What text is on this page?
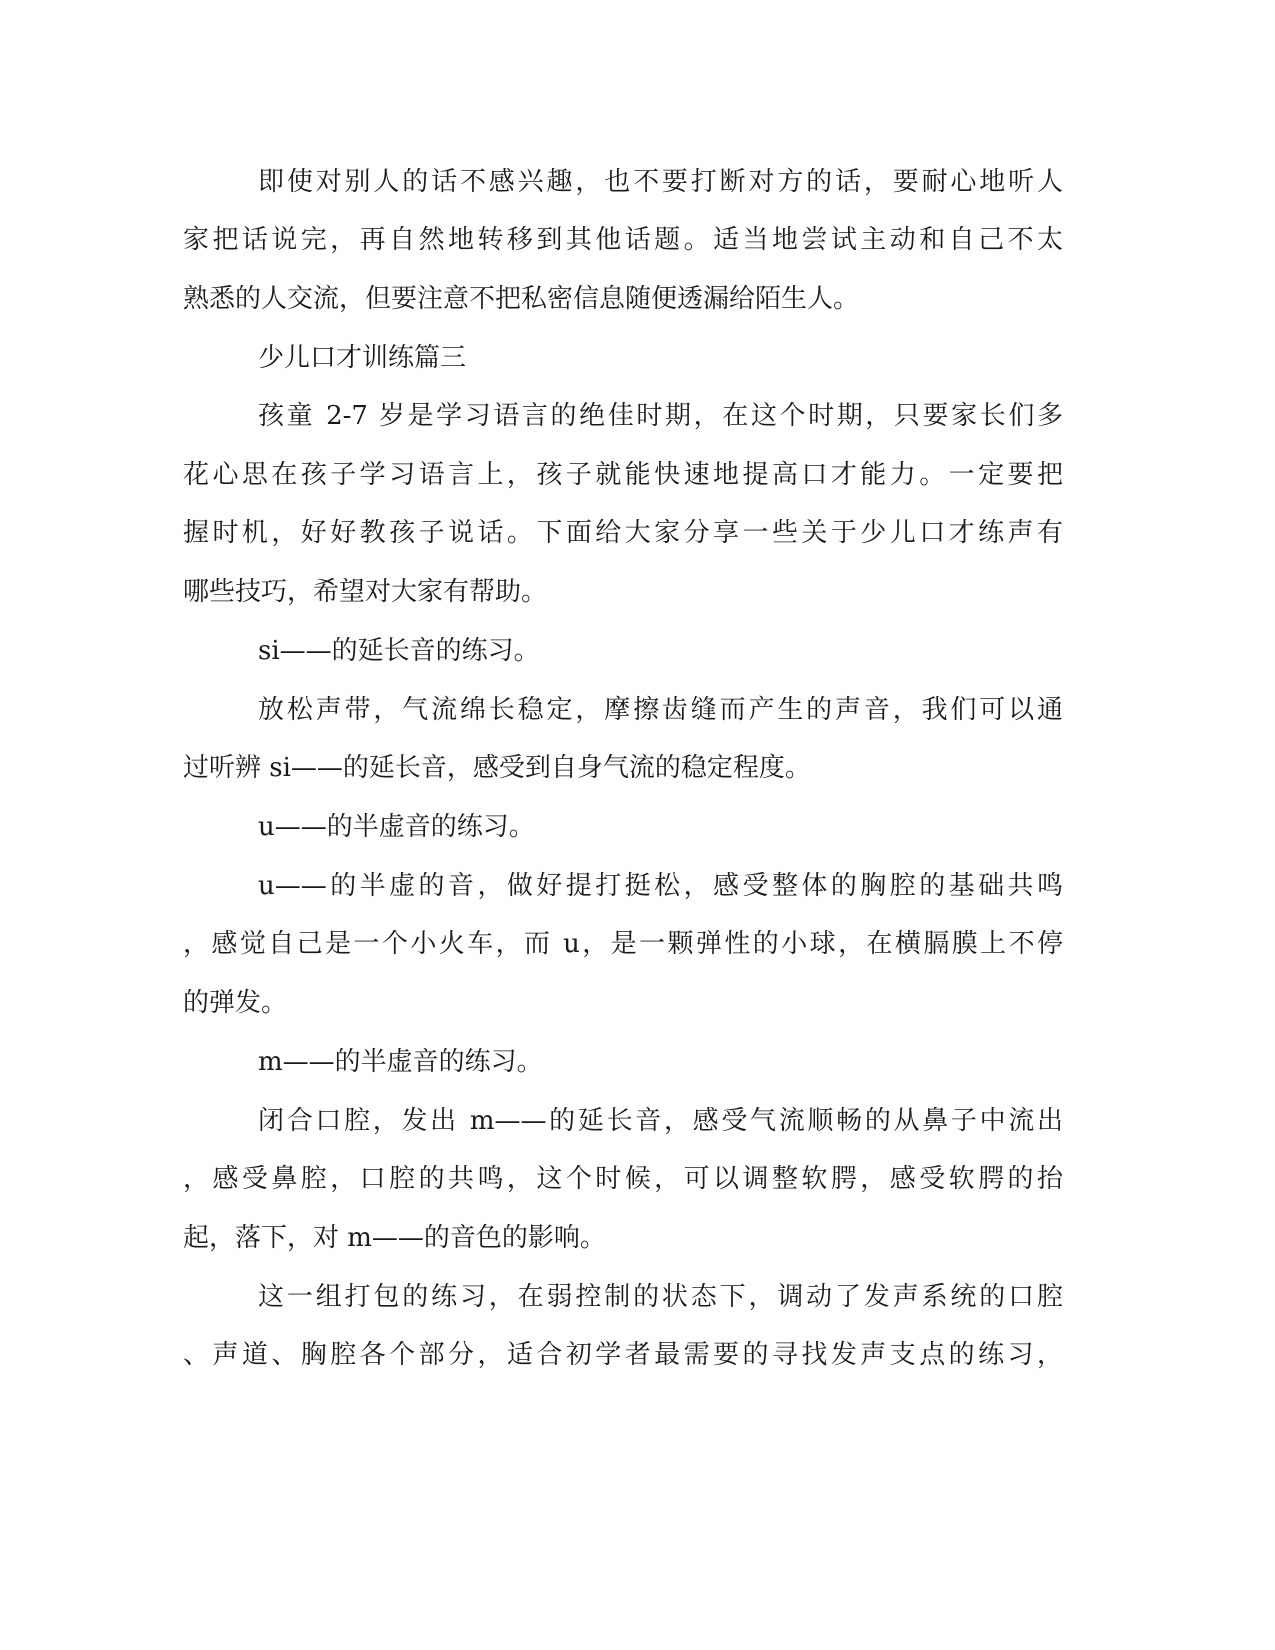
即使对别人的话不感兴趣，也不要打断对方的话，要耐心地听人
家把话说完，再自然地转移到其他话题。适当地尝试主动和自己不太
熟悉的人交流，但要注意不把私密信息随便透漏给陌生人。
少儿口才训练篇三
孩童 2-7 岁是学习语言的绝佳时期，在这个时期，只要家长们多
花心思在孩子学习语言上，孩子就能快速地提高口才能力。一定要把
握时机，好好教孩子说话。下面给大家分享一些关于少儿口才练声有
哪些技巧，希望对大家有帮助。
si——的延长音的练习。
放松声带，气流绵长稳定，摩擦齿缝而产生的声音，我们可以通
过听辨 si——的延长音，感受到自身气流的稳定程度。
u——的半虚音的练习。
u——的半虚的音，做好提打挺松，感受整体的胸腔的基础共鸣
，感觉自己是一个小火车，而 u，是一颗弹性的小球，在横膈膜上不停
的弹发。
m——的半虚音的练习。
闭合口腔，发出 m——的延长音，感受气流顺畅的从鼻子中流出
，感受鼻腔，口腔的共鸣，这个时候，可以调整软腭，感受软腭的抬
起，落下，对 m——的音色的影响。
这一组打包的练习，在弱控制的状态下，调动了发声系统的口腔
、声道、胸腔各个部分，适合初学者最需要的寻找发声支点的练习，
